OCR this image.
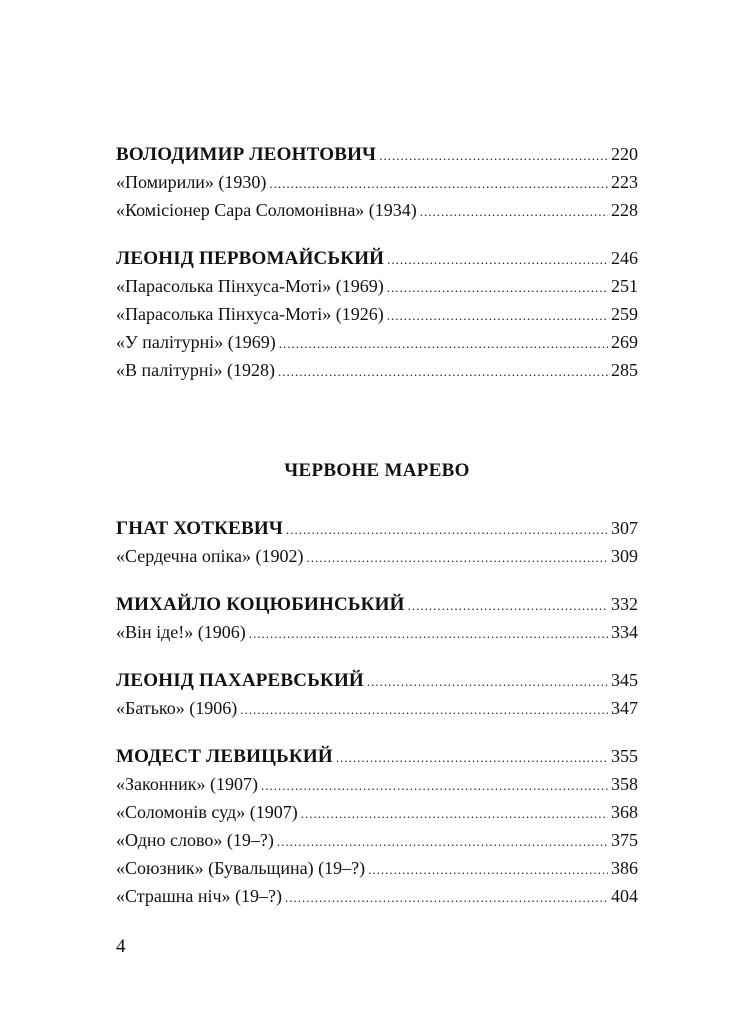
ВОЛОДИМИР ЛЕОНТОВИЧ .....	220
«Помирили» (1930) .....	223
«Комісіонер Сара Соломонівна» (1934) .....	228
ЛЕОНІД ПЕРВОМАЙСЬКИЙ .....	246
«Парасолька Пінхуса-Моті» (1969) .....	251
«Парасолька Пінхуса-Моті» (1926) .....	259
«У палітурні» (1969) .....	269
«В палітурні» (1928) .....	285
ЧЕРВОНЕ МАРЕВО
ГНАТ ХОТКЕВИЧ .....	307
«Сердечна опіка» (1902) .....	309
МИХАЙЛО КОЦЮБИНСЬКИЙ .....	332
«Він іде!» (1906) .....	334
ЛЕОНІД ПАХАРЕВСЬКИЙ .....	345
«Батько» (1906) .....	347
МОДЕСТ ЛЕВИЦЬКИЙ .....	355
«Законник» (1907) .....	358
«Соломонів суд» (1907) .....	368
«Одно слово» (19–?) .....	375
«Союзник» (Бувальщина) (19–?) .....	386
«Страшна ніч» (19–?) .....	404
4
